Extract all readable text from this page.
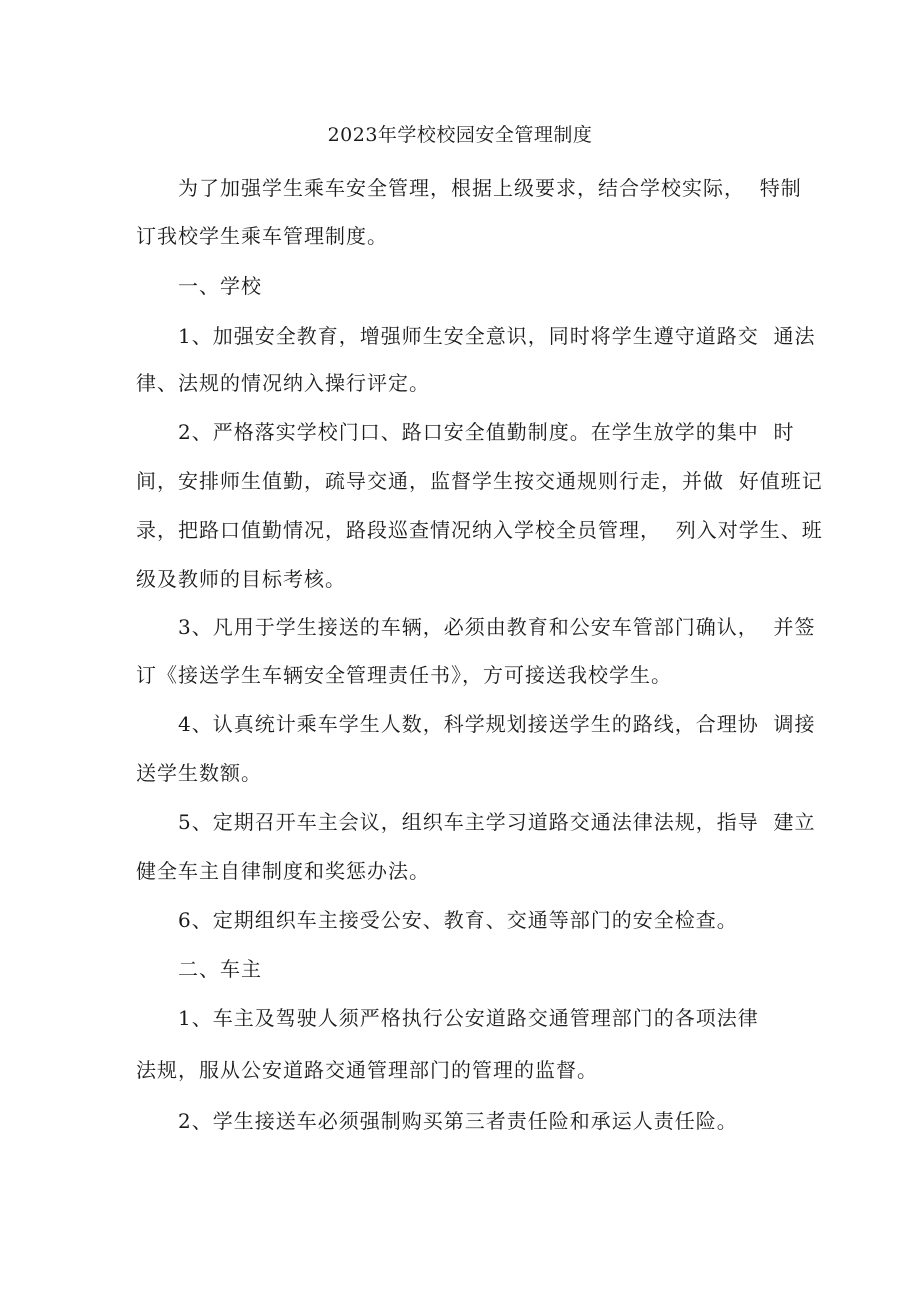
2023年学校校园安全管理制度
为了加强学生乘车安全管理，根据上级要求，结合学校实际，  特制
订我校学生乘车管理制度。
一、学校
1、加强安全教育，增强师生安全意识，同时将学生遵守道路交  通法
律、法规的情况纳入操行评定。
2、严格落实学校门口、路口安全值勤制度。在学生放学的集中  时
间，安排师生值勤，疏导交通，监督学生按交通规则行走，并做  好值班记
录，把路口值勤情况，路段巡查情况纳入学校全员管理，  列入对学生、班
级及教师的目标考核。
3、凡用于学生接送的车辆，必须由教育和公安车管部门确认，  并签
订《接送学生车辆安全管理责任书》，方可接送我校学生。
4、认真统计乘车学生人数，科学规划接送学生的路线，合理协  调接
送学生数额。
5、定期召开车主会议，组织车主学习道路交通法律法规，指导  建立
健全车主自律制度和奖惩办法。
6、定期组织车主接受公安、教育、交通等部门的安全检查。
二、车主
1、车主及驾驶人须严格执行公安道路交通管理部门的各项法律
法规，服从公安道路交通管理部门的管理的监督。
2、学生接送车必须强制购买第三者责任险和承运人责任险。
